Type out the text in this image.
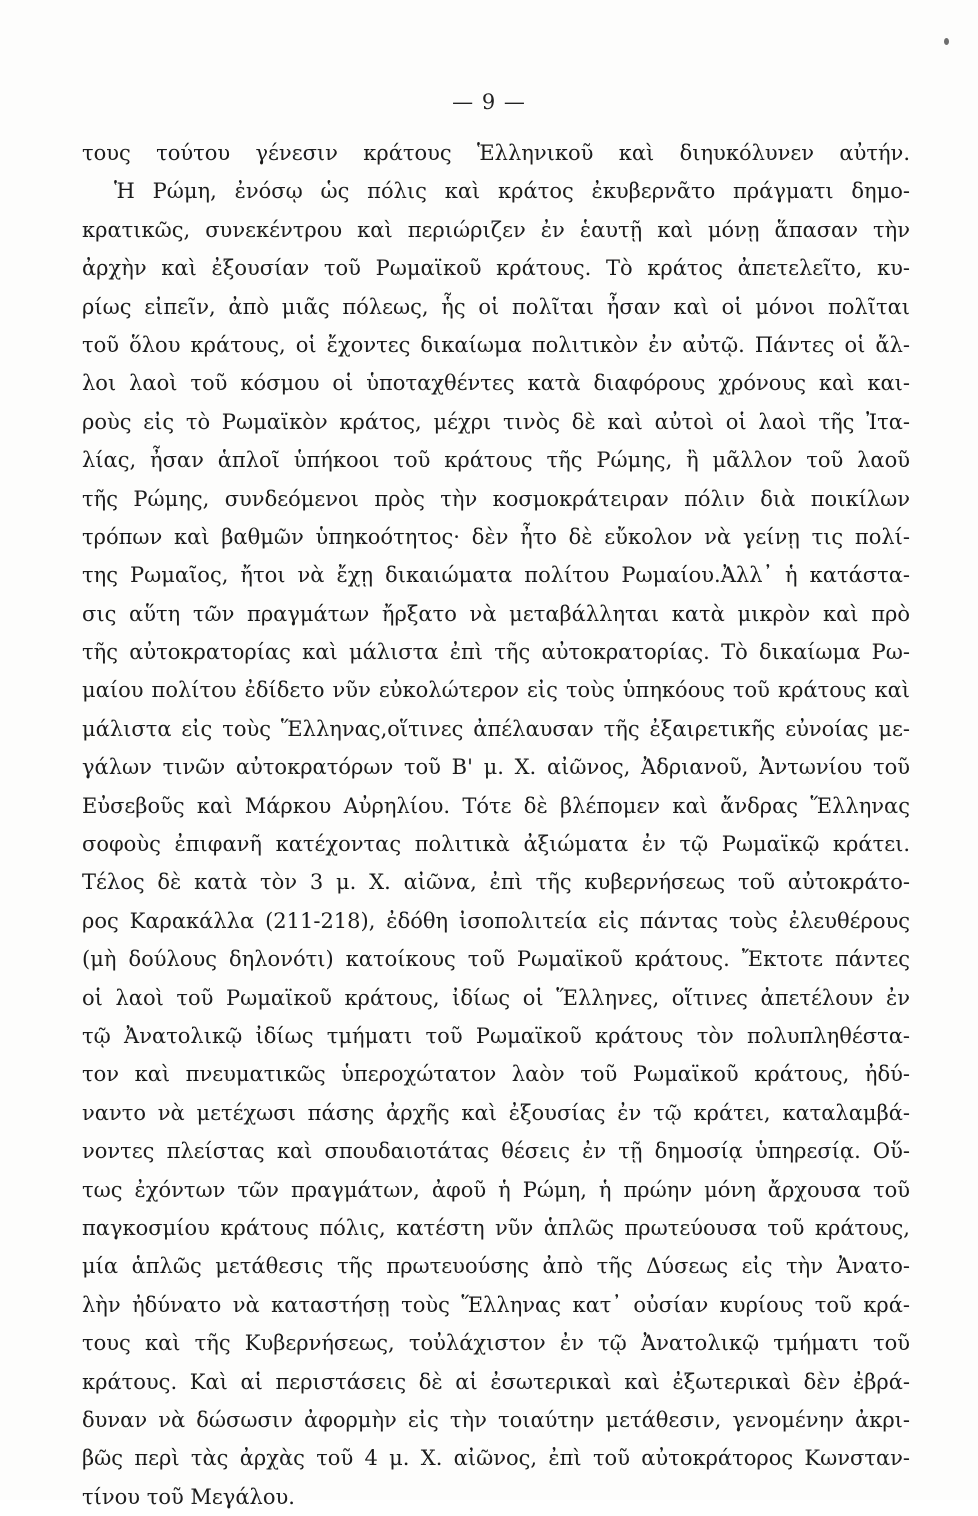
— 9 —
τους τούτου γένεσιν κράτους Ἑλληνικοῦ καὶ διηυκόλυνεν αὐτήν.
Ἡ Ρώμη, ἐνόσῳ ὡς πόλις καὶ κράτος ἐκυβερνᾶτο πράγματι δημο-
κρατικῶς, συνεκέντρου καὶ περιώριζεν ἐν ἑαυτῇ καὶ μόνῃ ἅπασαν τὴν
ἀρχὴν καὶ ἐξουσίαν τοῦ Ρωμαϊκοῦ κράτους. Τὸ κράτος ἀπετελεῖτο, κυ-
ρίως εἰπεῖν, ἀπὸ μιᾶς πόλεως, ἧς οἱ πολῖται ἦσαν καὶ οἱ μόνοι πολῖται
τοῦ ὅλου κράτους, οἱ ἔχοντες δικαίωμα πολιτικὸν ἐν αὐτῷ. Πάντες οἱ ἄλ-
λοι λαοὶ τοῦ κόσμου οἱ ὑποταχθέντες κατὰ διαφόρους χρόνους καὶ και-
ροὺς εἰς τὸ Ρωμαϊκὸν κράτος, μέχρι τινὸς δὲ καὶ αὐτοὶ οἱ λαοὶ τῆς Ἰτα-
λίας, ἦσαν ἁπλοῖ ὑπήκοοι τοῦ κράτους τῆς Ρώμης, ἢ μᾶλλον τοῦ λαοῦ
τῆς Ρώμης, συνδεόμενοι πρὸς τὴν κοσμοκράτειραν πόλιν διὰ ποικίλων
τρόπων καὶ βαθμῶν ὑπηκοότητος· δὲν ἦτο δὲ εὔκολον νὰ γείνῃ τις πολί-
της Ρωμαῖος, ἤτοι νὰ ἔχῃ δικαιώματα πολίτου Ρωμαίου.Ἀλλ᾽ ἡ κατάστα-
σις αὕτη τῶν πραγμάτων ἤρξατο νὰ μεταβάλληται κατὰ μικρὸν καὶ πρὸ
τῆς αὐτοκρατορίας καὶ μάλιστα ἐπὶ τῆς αὐτοκρατορίας. Τὸ δικαίωμα Ρω-
μαίου πολίτου ἐδίδετο νῦν εὐκολώτερον εἰς τοὺς ὑπηκόους τοῦ κράτους καὶ
μάλιστα εἰς τοὺς Ἕλληνας,οἵτινες ἀπέλαυσαν τῆς ἐξαιρετικῆς εὐνοίας με-
γάλων τινῶν αὐτοκρατόρων τοῦ Β' μ. Χ. αἰῶνος, Ἀδριανοῦ, Ἀντωνίου τοῦ
Εὐσεβοῦς καὶ Μάρκου Αὐρηλίου. Τότε δὲ βλέπομεν καὶ ἄνδρας Ἕλληνας
σοφοὺς ἐπιφανῆ κατέχοντας πολιτικὰ ἀξιώματα ἐν τῷ Ρωμαϊκῷ κράτει.
Τέλος δὲ κατὰ τὸν 3 μ. Χ. αἰῶνα, ἐπὶ τῆς κυβερνήσεως τοῦ αὐτοκράτο-
ρος Καρακάλλα (211-218), ἐδόθη ἰσοπολιτεία εἰς πάντας τοὺς ἐλευθέρους
(μὴ δούλους δηλονότι) κατοίκους τοῦ Ρωμαϊκοῦ κράτους. Ἔκτοτε πάντες
οἱ λαοὶ τοῦ Ρωμαϊκοῦ κράτους, ἰδίως οἱ Ἕλληνες, οἵτινες ἀπετέλουν ἐν
τῷ Ἀνατολικῷ ἰδίως τμήματι τοῦ Ρωμαϊκοῦ κράτους τὸν πολυπληθέστα-
τον καὶ πνευματικῶς ὑπεροχώτατον λαὸν τοῦ Ρωμαϊκοῦ κράτους, ἠδύ-
ναντο νὰ μετέχωσι πάσης ἀρχῆς καὶ ἐξουσίας ἐν τῷ κράτει, καταλαμβά-
νοντες πλείστας καὶ σπουδαιοτάτας θέσεις ἐν τῇ δημοσίᾳ ὑπηρεσίᾳ. Οὕ-
τως ἐχόντων τῶν πραγμάτων, ἀφοῦ ἡ Ρώμη, ἡ πρώην μόνη ἄρχουσα τοῦ
παγκοσμίου κράτους πόλις, κατέστη νῦν ἁπλῶς πρωτεύουσα τοῦ κράτους,
μία ἁπλῶς μετάθεσις τῆς πρωτευούσης ἀπὸ τῆς Δύσεως εἰς τὴν Ἀνατο-
λὴν ἠδύνατο νὰ καταστήσῃ τοὺς Ἕλληνας κατ᾽ οὐσίαν κυρίους τοῦ κρά-
τους καὶ τῆς Κυβερνήσεως, τοὐλάχιστον ἐν τῷ Ἀνατολικῷ τμήματι τοῦ
κράτους. Καὶ αἱ περιστάσεις δὲ αἱ ἐσωτερικαὶ καὶ ἐξωτερικαὶ δὲν ἐβρά-
δυναν νὰ δώσωσιν ἀφορμὴν εἰς τὴν τοιαύτην μετάθεσιν, γενομένην ἀκρι-
βῶς περὶ τὰς ἀρχὰς τοῦ 4 μ. Χ. αἰῶνος, ἐπὶ τοῦ αὐτοκράτορος Κωνσταν-
τίνου τοῦ Μεγάλου.
